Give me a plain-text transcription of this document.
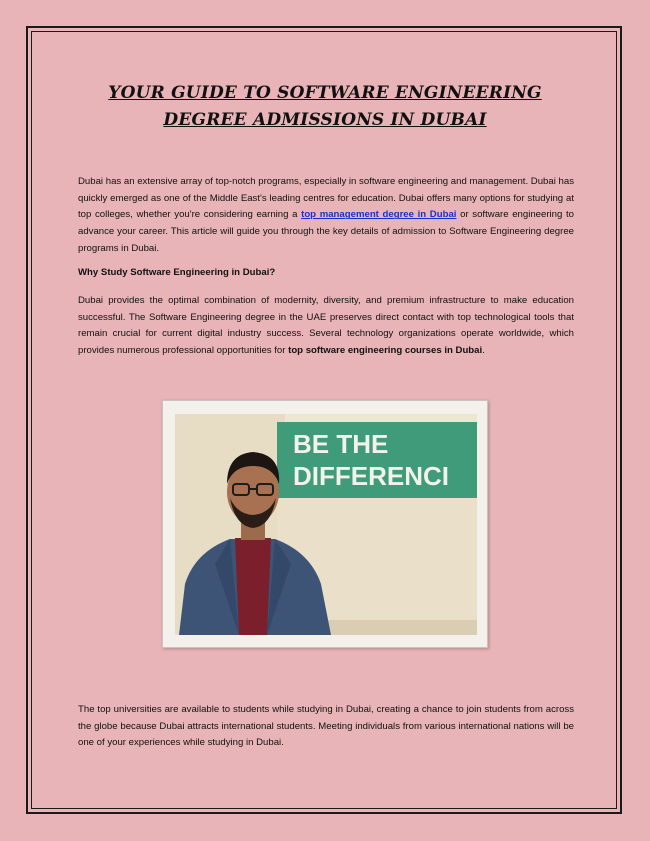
YOUR GUIDE TO SOFTWARE ENGINEERING DEGREE ADMISSIONS IN DUBAI
Dubai has an extensive array of top-notch programs, especially in software engineering and management. Dubai has quickly emerged as one of the Middle East's leading centres for education. Dubai offers many options for studying at top colleges, whether you're considering earning a top management degree in Dubai or software engineering to advance your career. This article will guide you through the key details of admission to Software Engineering degree programs in Dubai.
Why Study Software Engineering in Dubai?
Dubai provides the optimal combination of modernity, diversity, and premium infrastructure to make education successful. The Software Engineering degree in the UAE preserves direct contact with top technological tools that remain crucial for current digital industry success. Several technology organizations operate worldwide, which provides numerous professional opportunities for top software engineering courses in Dubai.
BE THE
DIFFERENCI
The top universities are available to students while studying in Dubai, creating a chance to join students from across the globe because Dubai attracts international students. Meeting individuals from various international nations will be one of your experiences while studying in Dubai.
